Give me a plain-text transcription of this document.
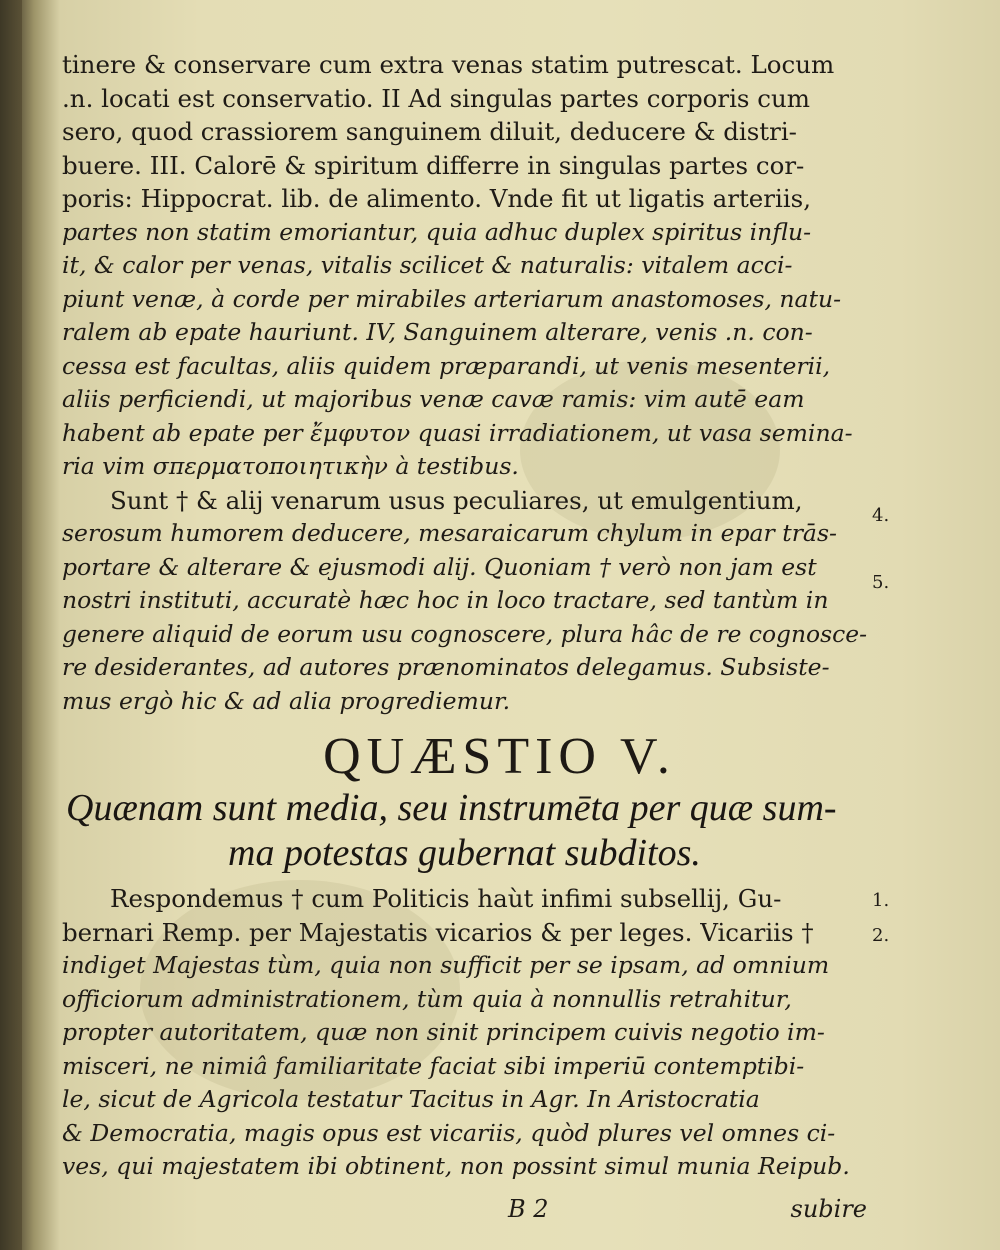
tinere & conservare cum extra venas statim putrescat. Locum
.n. locati est conservatio. II Ad singulas partes corporis cum
sero, quod crassiorem sanguinem diluit, deducere & distri-
buere. III. Calorē & spiritum differre in singulas partes cor-
poris: Hippocrat. lib. de alimento. Vnde fit ut ligatis arteriis,
partes non statim emoriantur, quia adhuc duplex spiritus influ-
it, & calor per venas, vitalis scilicet & naturalis: vitalem acci-
piunt venæ, à corde per mirabiles arteriarum anastomoses, natu-
ralem ab epate hauriunt. IV, Sanguinem alterare, venis .n. con-
cessa est facultas, aliis quidem præparandi, ut venis mesenterii,
aliis perficiendi, ut majoribus venæ cavæ ramis: vim autē eam
habent ab epate per ἔμφυτον quasi irradiationem, ut vasa semina-
ria vim σπερματοποιητικὴν à testibus.
Sunt † & alij venarum usus peculiares, ut emulgentium,
serosum humorem deducere, mesaraicarum chylum in epar trās-
portare & alterare & ejusmodi alij. Quoniam † verò non jam est
nostri instituti, accuratè hæc hoc in loco tractare, sed tantùm in
genere aliquid de eorum usu cognoscere, plura hâc de re cognosce-
re desiderantes, ad autores prænominatos delegamus. Subsiste-
mus ergò hic & ad alia progrediemur.
QUÆSTIO V.
Quænam sunt media, seu instrumēta per quæ sum-
ma potestas gubernat subditos.
Respondemus † cum Politicis haùt infimi subsellij, Gu-
bernari Remp. per Majestatis vicarios & per leges. Vicariis †
indiget Majestas tùm, quia non sufficit per se ipsam, ad omnium
officiorum administrationem, tùm quia à nonnullis retrahitur,
propter autoritatem, quæ non sinit principem cuivis negotio im-
misceri, ne nimiâ familiaritate faciat sibi imperiū contemptibi-
le, sicut de Agricola testatur Tacitus in Agr. In Aristocratia
& Democratia, magis opus est vicariis, quòd plures vel omnes ci-
ves, qui majestatem ibi obtinent, non possint simul munia Reipub.
4.
5.
1.
2.
B 2	subire
